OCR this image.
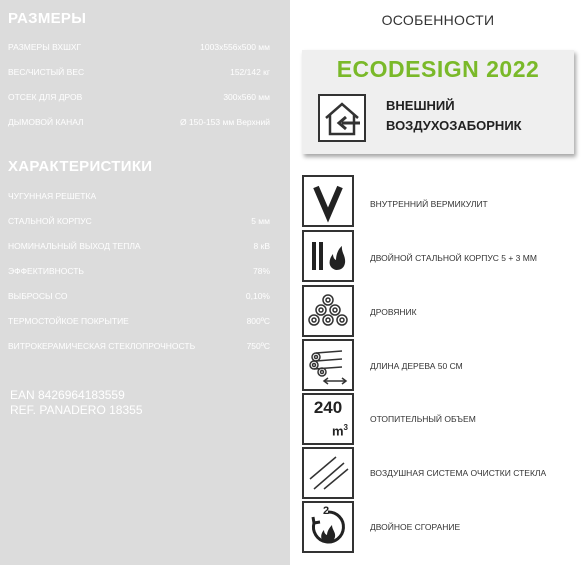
РАЗМЕРЫ
РАЗМЕРЫ ВХШХГ	1003x556x500 мм
ВЕС/ЧИСТЫЙ ВЕС	152/142 кг
ОТСЕК ДЛЯ ДРОВ	300x560 мм
ДЫМОВОЙ КАНАЛ	Ø 150-153 мм Верхний
ХАРАКТЕРИСТИКИ
ЧУГУННАЯ РЕШЕТКА
СТАЛЬНОЙ КОРПУС	5 мм
НОМИНАЛЬНЫЙ ВЫХОД ТЕПЛА	8 кВ
ЭФФЕКТИВНОСТЬ	78%
ВЫБРОСЫ СО	0,10%
ТЕРМОСТОЙКОЕ ПОКРЫТИЕ	800ºC
ВИТРОКЕРАМИЧЕСКАЯ СТЕКЛОПРОЧНОСТЬ	750ºC
EAN 8426964183559
REF. PANADERO 18355
ОСОБЕННОСТИ
ECODESIGN 2022
ВНЕШНИЙ
ВОЗДУХОЗАБОРНИК
ВНУТРЕННИЙ ВЕРМИКУЛИТ
ДВОЙНОЙ СТАЛЬНОЙ КОРПУС 5 + 3 ММ
ДРОВЯНИК
ДЛИНА ДЕРЕВА 50 СМ
240
$m^3$
ОТОПИТЕЛЬНЫЙ ОБЪЕМ
ВОЗДУШНАЯ СИСТЕМА ОЧИСТКИ СТЕКЛА
2
ДВОЙНОЕ СГОРАНИЕ
